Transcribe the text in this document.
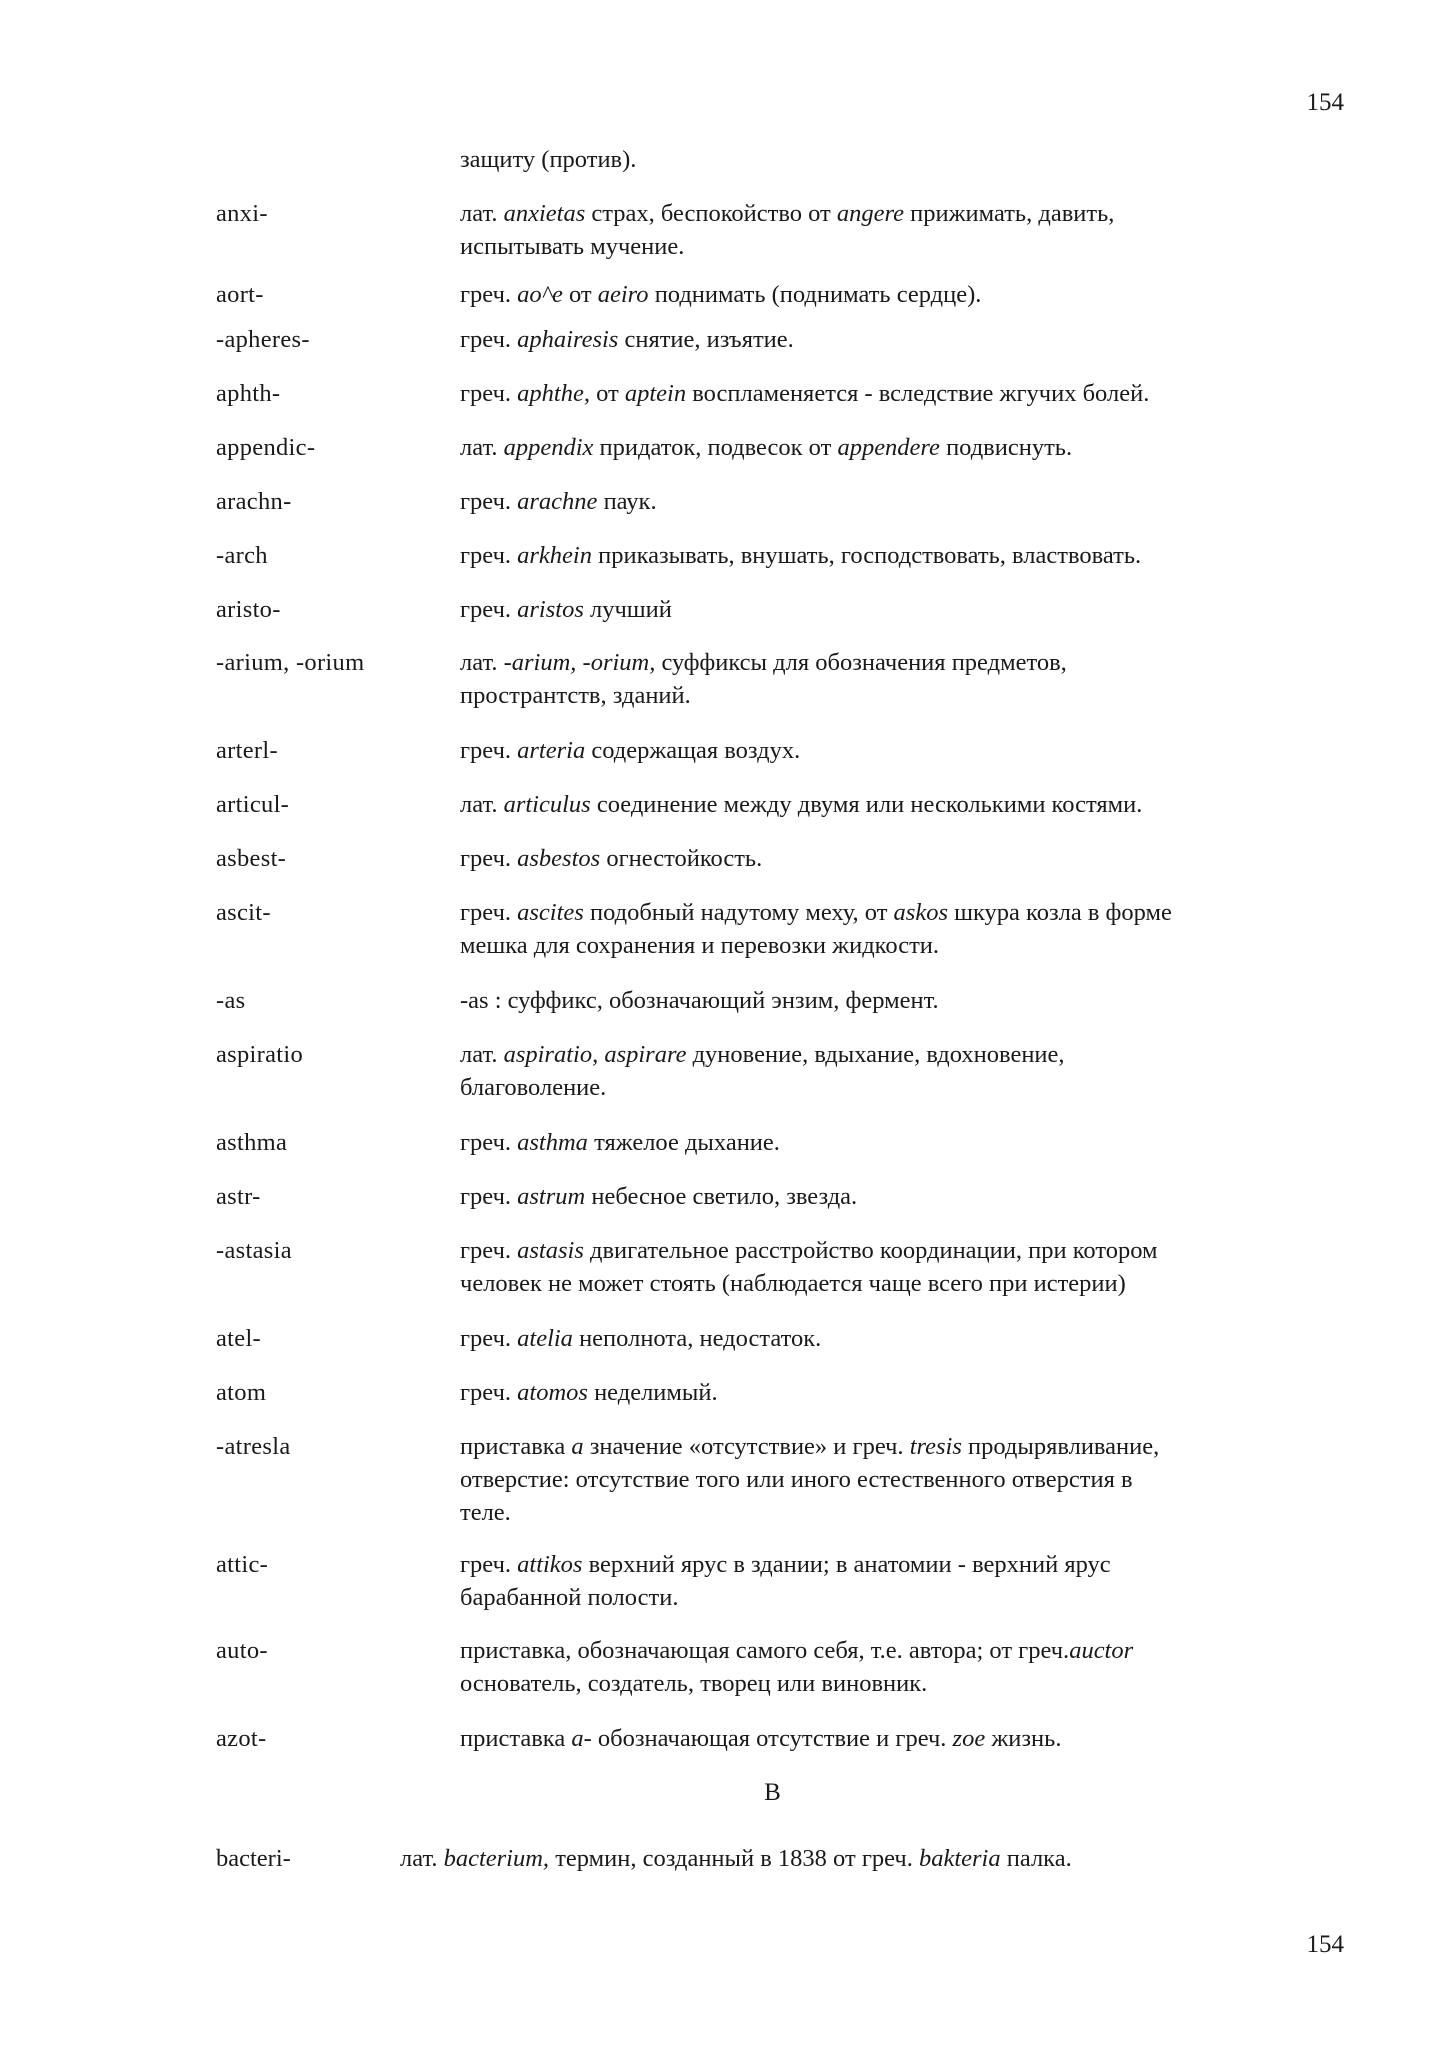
154
защиту (против).
anxi-	лат. anxietas страх, беспокойство от angere прижимать, давить,
испытывать мучение.
aort-	греч. ao^e от aeiro поднимать (поднимать сердце).
-apheres-	греч. aphairesis снятие, изъятие.
aphth-	греч. aphthe, от aptein воспламеняется - вследствие жгучих болей.
appendic-	лат. appendix придаток, подвесок от appendere подвиснуть.
arachn-	греч. arachne паук.
-arch	греч. arkhein приказывать, внушать, господствовать, властвовать.
aristo-	греч. aristos лучший
-arium, -orium	лат. -arium, -orium, суффиксы для обозначения предметов,
пространтств, зданий.
arterl-	греч. arteria содержащая воздух.
articul-	лат. articulus соединение между двумя или несколькими костями.
asbest-	греч. asbestos огнестойкость.
ascit-	греч. ascites подобный надутому меху, от askos шкура козла в форме
мешка для сохранения и перевозки жидкости.
-as	-as : суффикс, обозначающий энзим, фермент.
aspiratio	лат. aspiratio, aspirare дуновение, вдыхание, вдохновение,
благоволение.
asthma	греч. asthma тяжелое дыхание.
astr-	греч. astrum небесное светило, звезда.
-astasia	греч. astasis двигательное расстройство координации, при котором
человек не может стоять (наблюдается чаще всего при истерии)
atel-	греч. atelia неполнота, недостаток.
atom	греч. atomos неделимый.
-atresla	приставка a значение «отсутствие» и греч. tresis продырявливание,
отверстие: отсутствие того или иного естественного отверстия в
теле.
attic-	греч. attikos верхний ярус в здании; в анатомии - верхний ярус
барабанной полости.
auto-	приставка, обозначающая самого себя, т.е. автора; от греч.auctor
основатель, создатель, творец или виновник.
azot-	приставка a- обозначающая отсутствие и греч. zoe жизнь.
B
bacteri-	лат. bacterium, термин, созданный в 1838 от греч. bakteria палка.
154
